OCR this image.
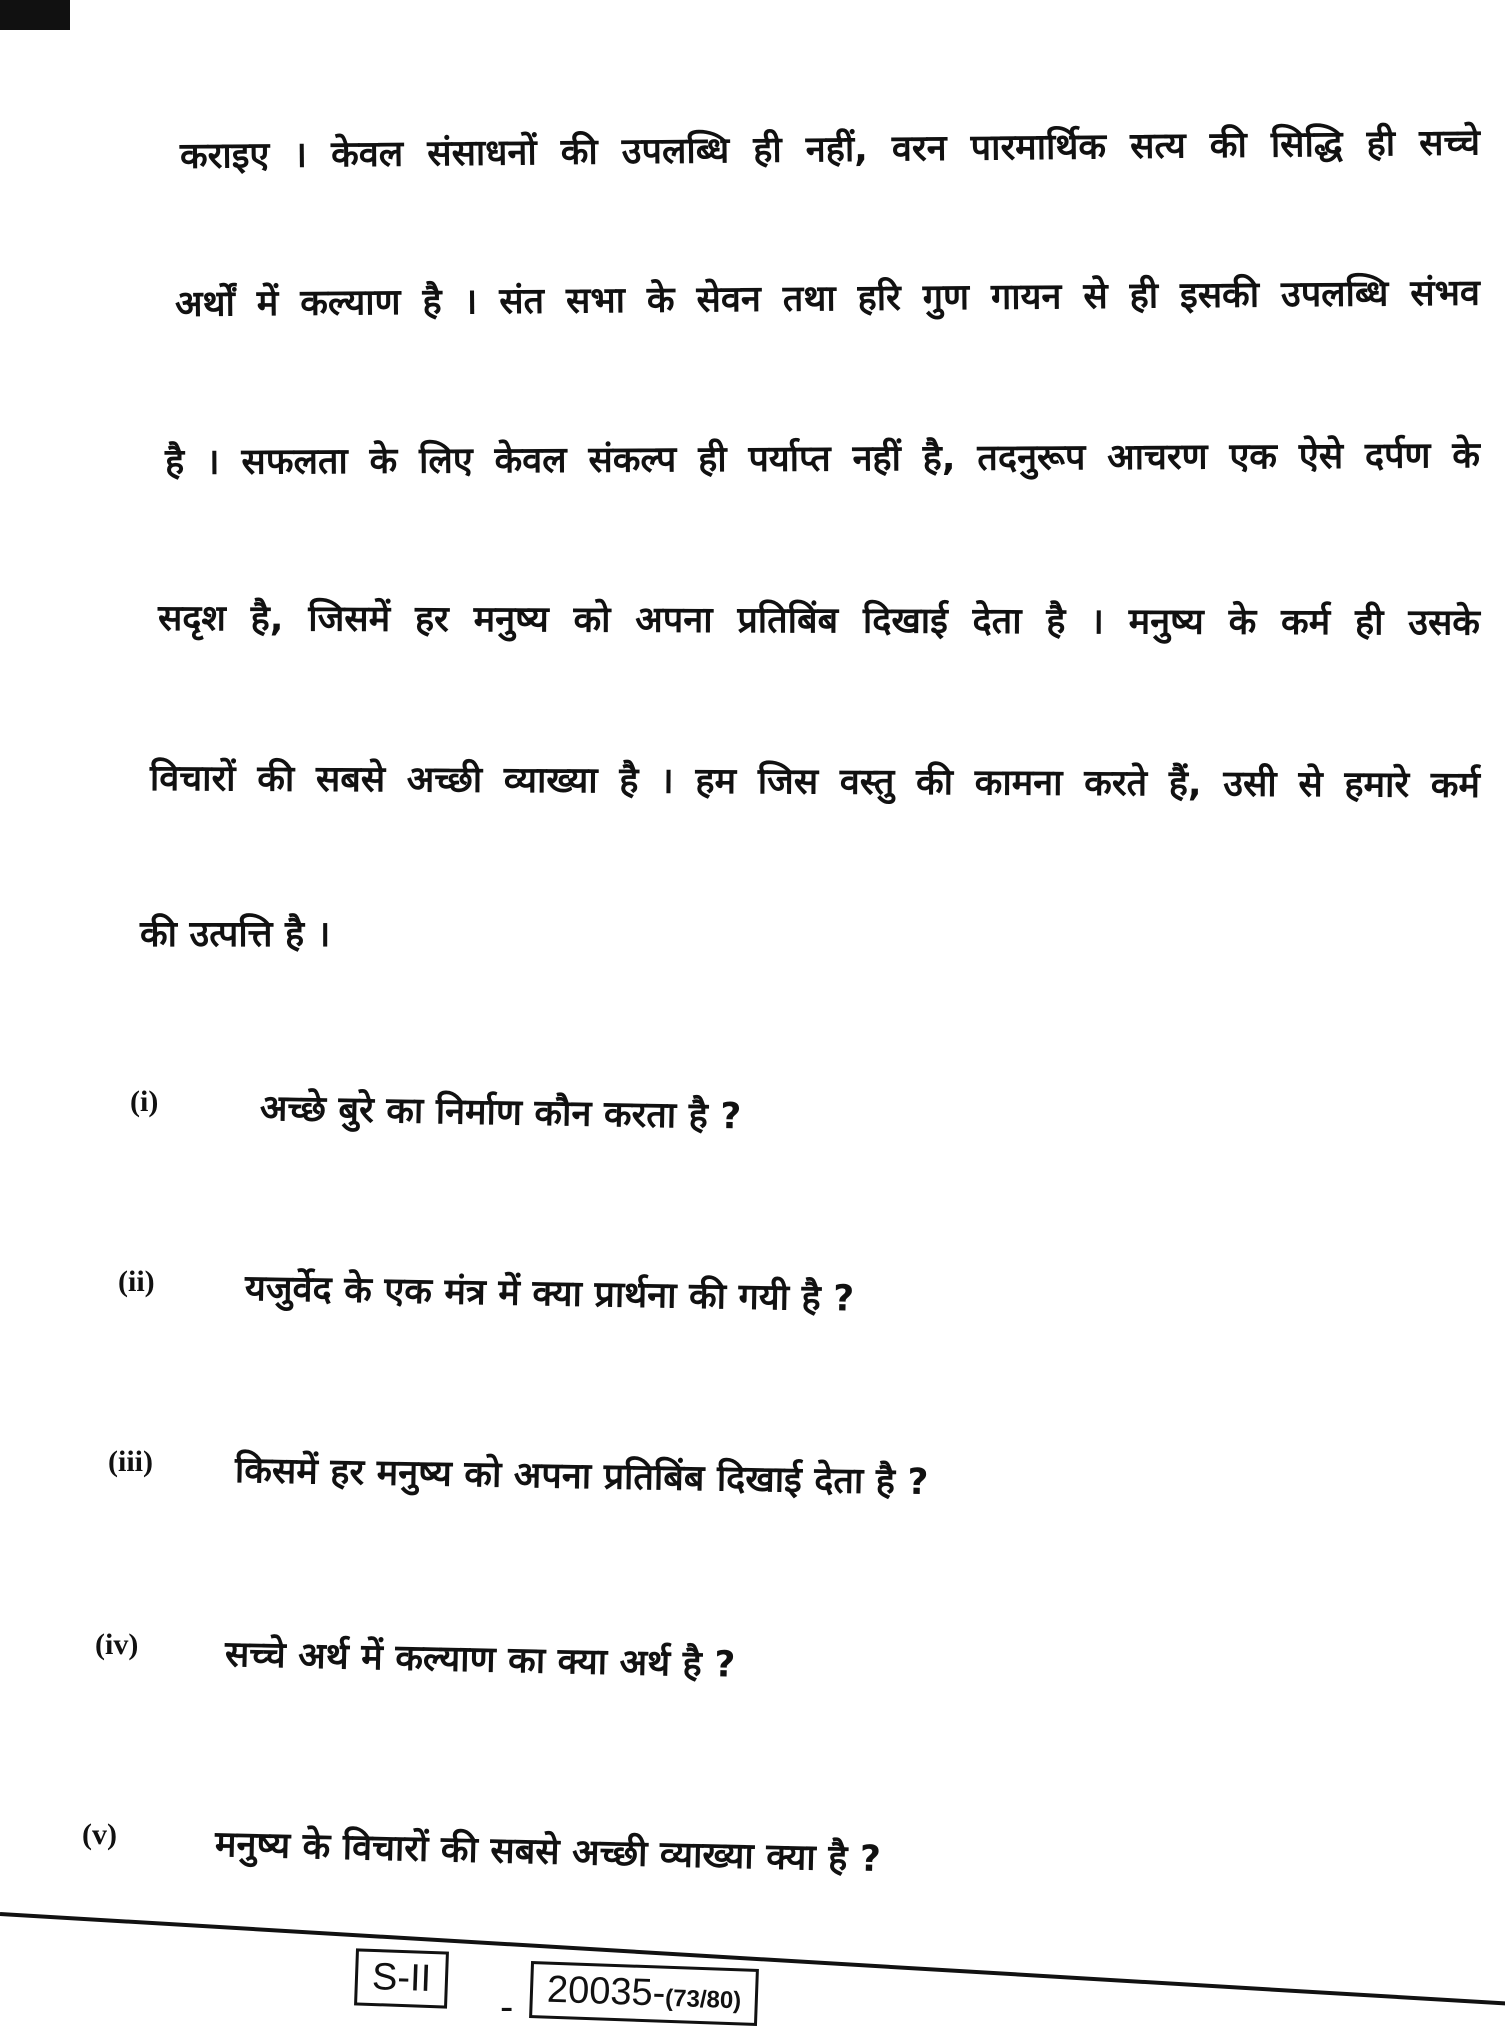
कराइए । केवल संसाधनों की उपलब्धि ही नहीं, वरन पारमार्थिक सत्य की सिद्धि ही सच्चे
अर्थों में कल्याण है । संत सभा के सेवन तथा हरि गुण गायन से ही इसकी उपलब्धि संभव
है । सफलता के लिए केवल संकल्प ही पर्याप्त नहीं है, तदनुरूप आचरण एक ऐसे दर्पण के
सदृश है, जिसमें हर मनुष्य को अपना प्रतिबिंब दिखाई देता है । मनुष्य के कर्म ही उसके
विचारों की सबसे अच्छी व्याख्या है । हम जिस वस्तु की कामना करते हैं, उसी से हमारे कर्म
की उत्पत्ति है ।
(i)	अच्छे बुरे का निर्माण कौन करता है ?
(ii) यजुर्वेद के एक मंत्र में क्या प्रार्थना की गयी है ?
(iii) किसमें हर मनुष्य को अपना प्रतिबिंब दिखाई देता है ?
(iv) सच्चे अर्थ में कल्याण का क्या अर्थ है ?
(v)	मनुष्य के विचारों की सबसे अच्छी व्याख्या क्या है ?
S-II
- 20035-(73/80)
